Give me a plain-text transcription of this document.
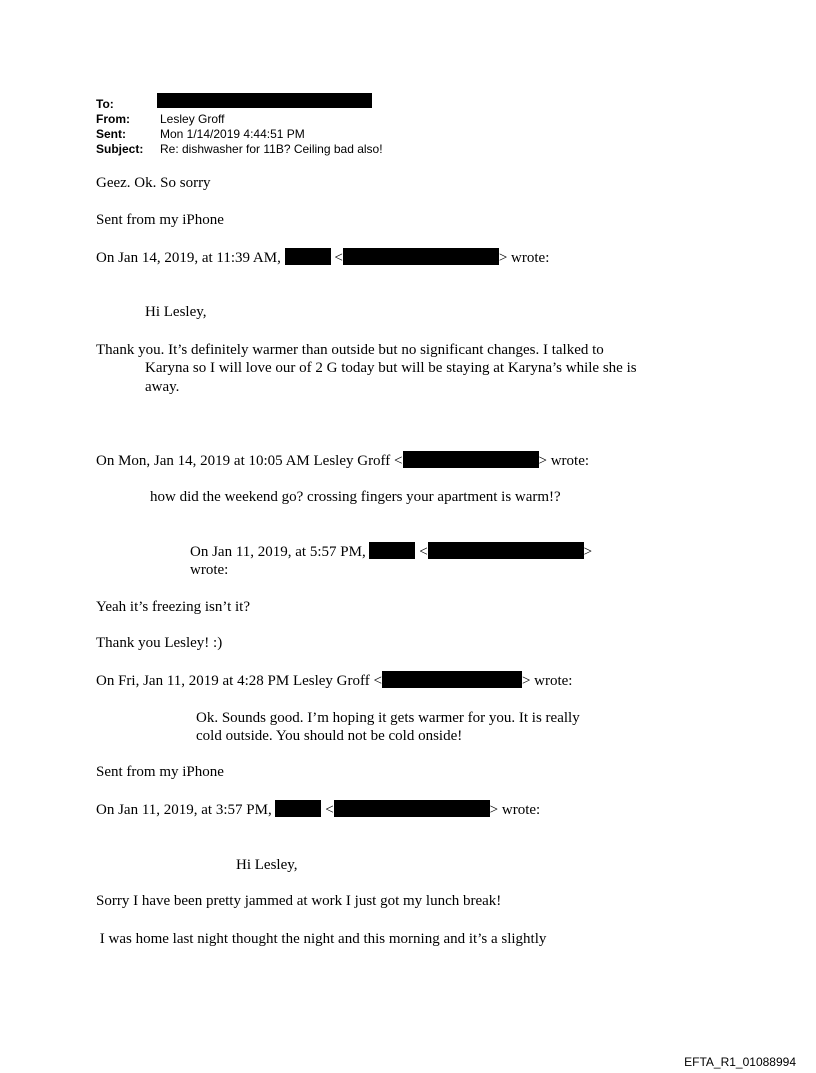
To:
From:	Lesley Groff
Sent:	Mon 1/14/2019 4:44:51 PM
Subject: Re: dishwasher for 11B? Ceiling bad also!
Geez. Ok. So sorry
Sent from my iPhone
On Jan 14, 2019, at 11:39 AM,	<	> wrote:
Hi Lesley,
Thank you. It’s definitely warmer than outside but no significant changes. I talked to
Karyna so I will love our of 2 G today but will be staying at Karyna’s while she is
away.
On Mon, Jan 14, 2019 at 10:05 AM Lesley Groff <	> wrote:
how did the weekend go? crossing fingers your apartment is warm!?
On Jan 11, 2019, at 5:57 PM,	<	>
wrote:
Yeah it’s freezing isn’t it?
Thank you Lesley! :)
On Fri, Jan 11, 2019 at 4:28 PM Lesley Groff <	> wrote:
Ok. Sounds good. I’m hoping it gets warmer for you. It is really
cold outside. You should not be cold onside!
Sent from my iPhone
On Jan 11, 2019, at 3:57 PM,	<	> wrote:
Hi Lesley,
Sorry I have been pretty jammed at work I just got my lunch break!
I was home last night thought the night and this morning and it’s a slightly
EFTA_R1_01088994
